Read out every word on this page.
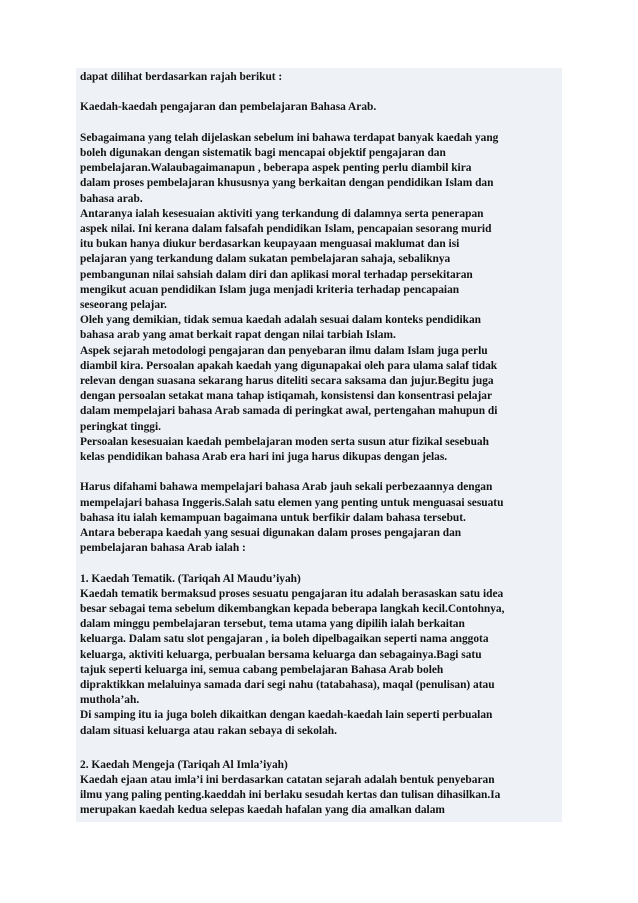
dapat dilihat berdasarkan rajah berikut :
Kaedah-kaedah pengajaran dan pembelajaran Bahasa Arab.
Sebagaimana yang telah dijelaskan sebelum ini bahawa terdapat banyak kaedah yang
boleh digunakan dengan sistematik bagi mencapai objektif pengajaran dan
pembelajaran.Walaubagaimanapun , beberapa aspek penting perlu diambil kira
dalam proses pembelajaran khususnya yang berkaitan dengan pendidikan Islam dan
bahasa arab.
Antaranya ialah kesesuaian aktiviti yang terkandung di dalamnya serta penerapan
aspek nilai. Ini kerana dalam falsafah pendidikan Islam, pencapaian sesorang murid
itu bukan hanya diukur berdasarkan keupayaan menguasai maklumat dan isi
pelajaran yang terkandung dalam sukatan pembelajaran sahaja, sebaliknya
pembangunan nilai sahsiah dalam diri dan aplikasi moral terhadap persekitaran
mengikut acuan pendidikan Islam juga menjadi kriteria terhadap pencapaian
seseorang pelajar.
Oleh yang demikian, tidak semua kaedah adalah sesuai dalam konteks pendidikan
bahasa arab yang amat berkait rapat dengan nilai tarbiah Islam.
Aspek sejarah metodologi pengajaran dan penyebaran ilmu dalam Islam juga perlu
diambil kira. Persoalan apakah kaedah yang digunapakai oleh para ulama salaf tidak
relevan dengan suasana sekarang harus diteliti secara saksama dan jujur.Begitu juga
dengan persoalan setakat mana tahap istiqamah, konsistensi dan konsentrasi pelajar
dalam mempelajari bahasa Arab samada di peringkat awal, pertengahan mahupun di
peringkat tinggi.
Persoalan kesesuaian kaedah pembelajaran moden serta susun atur fizikal sesebuah
kelas pendidikan bahasa Arab era hari ini juga harus dikupas dengan jelas.
Harus difahami bahawa mempelajari bahasa Arab jauh sekali perbezaannya dengan
mempelajari bahasa Inggeris.Salah satu elemen yang penting untuk menguasai sesuatu
bahasa itu ialah kemampuan bagaimana untuk berfikir dalam bahasa tersebut.
Antara beberapa kaedah yang sesuai digunakan dalam proses pengajaran dan
pembelajaran bahasa Arab ialah :
1. Kaedah Tematik. (Tariqah Al Maudu’iyah)
Kaedah tematik bermaksud proses sesuatu pengajaran itu adalah berasaskan satu idea
besar sebagai tema sebelum dikembangkan kepada beberapa langkah kecil.Contohnya,
dalam minggu pembelajaran tersebut, tema utama yang dipilih ialah berkaitan
keluarga. Dalam satu slot pengajaran , ia boleh dipelbagaikan seperti nama anggota
keluarga, aktiviti keluarga, perbualan bersama keluarga dan sebagainya.Bagi satu
tajuk seperti keluarga ini, semua cabang pembelajaran Bahasa Arab boleh
dipraktikkan melaluinya samada dari segi nahu (tatabahasa), maqal (penulisan) atau
muthola’ah.
Di samping itu ia juga boleh dikaitkan dengan kaedah-kaedah lain seperti perbualan
dalam situasi keluarga atau rakan sebaya di sekolah.
2. Kaedah Mengeja (Tariqah Al Imla’iyah)
Kaedah ejaan atau imla’i ini berdasarkan catatan sejarah adalah bentuk penyebaran
ilmu yang paling penting.kaeddah ini berlaku sesudah kertas dan tulisan dihasilkan.Ia
merupakan kaedah kedua selepas kaedah hafalan yang dia amalkan dalam
